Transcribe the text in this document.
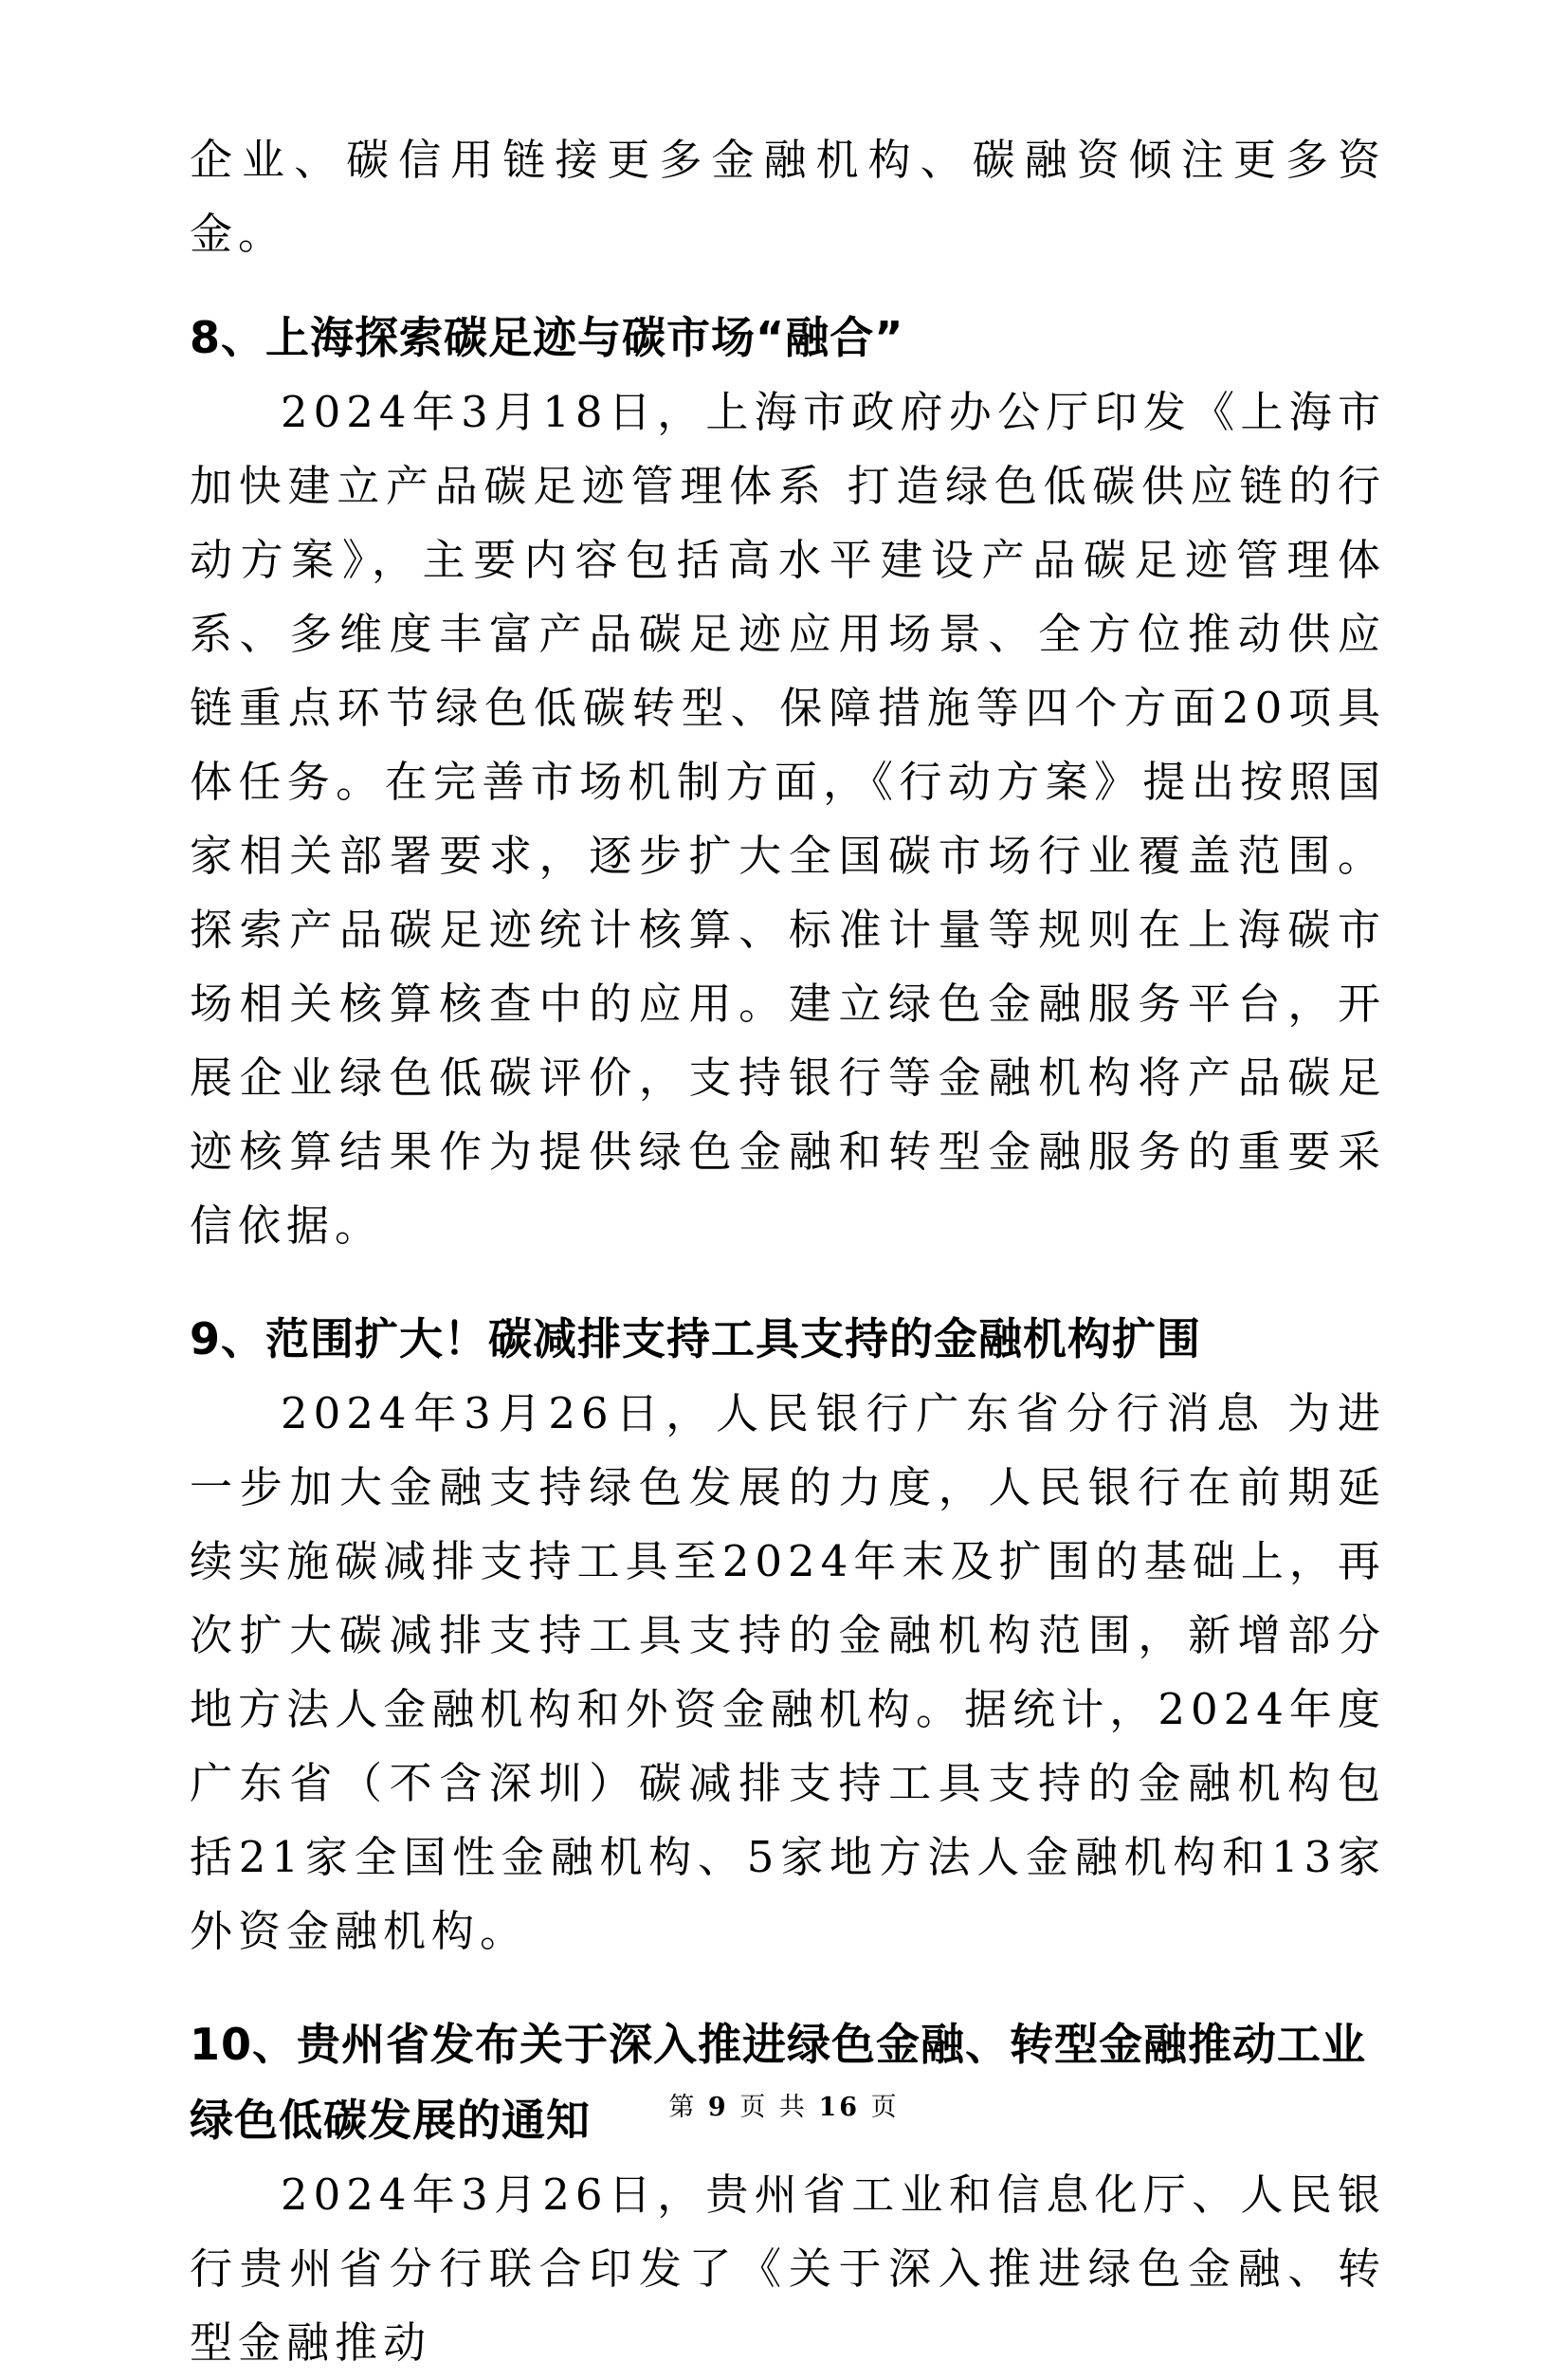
企业、碳信用链接更多金融机构、碳融资倾注更多资金。

8、上海探索碳足迹与碳市场“融合”

2024年3月18日，上海市政府办公厅印发《上海市加快建立产品碳足迹管理体系 打造绿色低碳供应链的行动方案》，主要内容包括高水平建设产品碳足迹管理体系、多维度丰富产品碳足迹应用场景、全方位推动供应链重点环节绿色低碳转型、保障措施等四个方面20项具体任务。在完善市场机制方面，《行动方案》提出按照国家相关部署要求，逐步扩大全国碳市场行业覆盖范围。探索产品碳足迹统计核算、标准计量等规则在上海碳市场相关核算核查中的应用。建立绿色金融服务平台，开展企业绿色低碳评价，支持银行等金融机构将产品碳足迹核算结果作为提供绿色金融和转型金融服务的重要采信依据。

9、范围扩大！碳减排支持工具支持的金融机构扩围

2024年3月26日，人民银行广东省分行消息 为进一步加大金融支持绿色发展的力度，人民银行在前期延续实施碳减排支持工具至2024年末及扩围的基础上，再次扩大碳减排支持工具支持的金融机构范围，新增部分地方法人金融机构和外资金融机构。据统计，2024年度广东省（不含深圳）碳减排支持工具支持的金融机构包括21家全国性金融机构、5家地方法人金融机构和13家外资金融机构。

10、贵州省发布关于深入推进绿色金融、转型金融推动工业绿色低碳发展的通知

2024年3月26日，贵州省工业和信息化厅、人民银行贵州省分行联合印发了《关于深入推进绿色金融、转型金融推动

第 9 页 共 16 页
